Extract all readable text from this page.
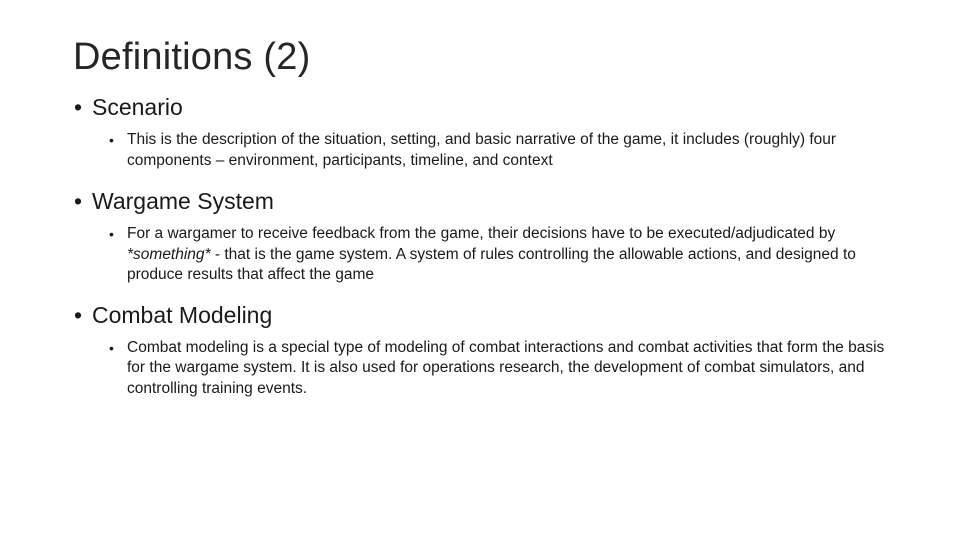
Definitions (2)
• Scenario
• This is the description of the situation, setting, and basic narrative of the game, it includes (roughly) four components – environment, participants, timeline, and context
• Wargame System
• For a wargamer to receive feedback from the game, their decisions have to be executed/adjudicated by *something* - that is the game system. A system of rules controlling the allowable actions, and designed to produce results that affect the game
• Combat Modeling
• Combat modeling is a special type of modeling of combat interactions and combat activities that form the basis for the wargame system. It is also used for operations research, the development of combat simulators, and controlling training events.
